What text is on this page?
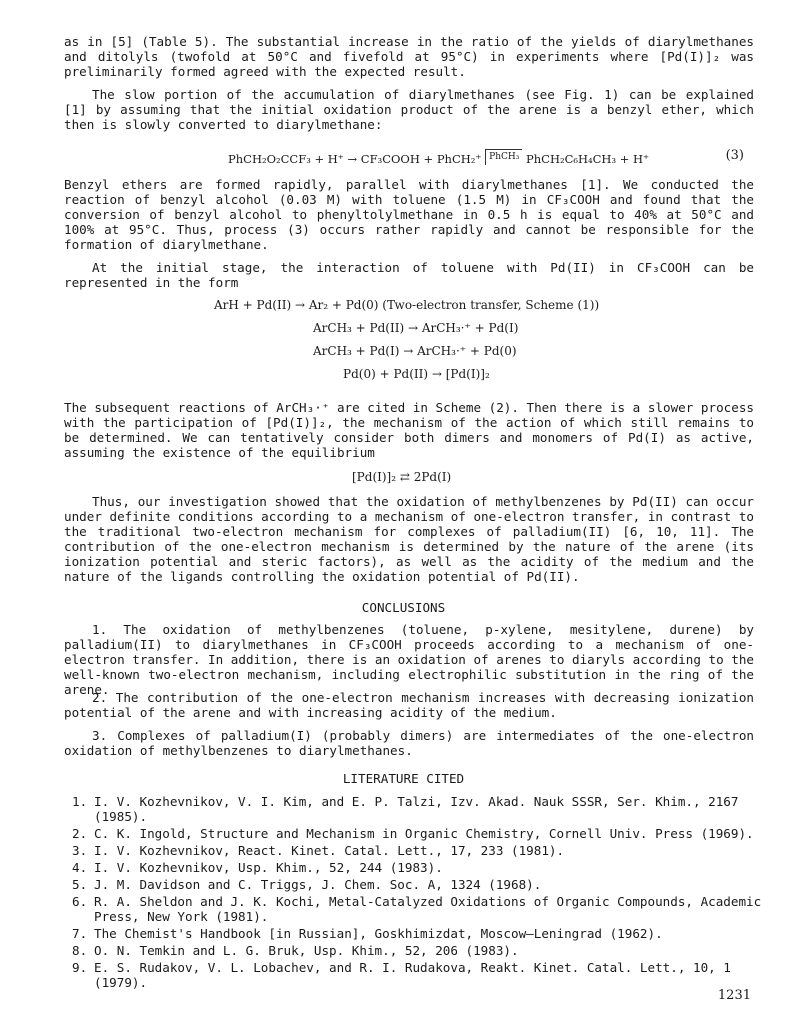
as in [5] (Table 5). The substantial increase in the ratio of the yields of diarylmethanes and ditolyls (twofold at 50°C and fivefold at 95°C) in experiments where [Pd(I)]₂ was preliminarily formed agreed with the expected result.

The slow portion of the accumulation of diarylmethanes (see Fig. 1) can be explained [1] by assuming that the initial oxidation product of the arene is a benzyl ether, which then is slowly converted to diarylmethane:

PhCH₂O₂CCF₃ + H⁺ → CF₃COOH + PhCH₂⁺ PhCH₃ PhCH₂C₆H₄CH₃ + H⁺	(3)

Benzyl ethers are formed rapidly, parallel with diarylmethanes [1]. We conducted the reaction of benzyl alcohol (0.03 M) with toluene (1.5 M) in CF₃COOH and found that the conversion of benzyl alcohol to phenyltolylmethane in 0.5 h is equal to 40% at 50°C and 100% at 95°C. Thus, process (3) occurs rather rapidly and cannot be responsible for the formation of diarylmethane.

At the initial stage, the interaction of toluene with Pd(II) in CF₃COOH can be represented in the form

ArH + Pd(II) → Ar₂ + Pd(0) (Two-electron transfer, Scheme (1))
ArCH₃ + Pd(II) → ArCH₃·⁺ + Pd(I)
ArCH₃ + Pd(I) → ArCH₃·⁺ + Pd(0)
Pd(0) + Pd(II) → [Pd(I)]₂

The subsequent reactions of ArCH₃·⁺ are cited in Scheme (2). Then there is a slower process with the participation of [Pd(I)]₂, the mechanism of the action of which still remains to be determined. We can tentatively consider both dimers and monomers of Pd(I) as active, assuming the existence of the equilibrium

[Pd(I)]₂ ⇄ 2Pd(I)

Thus, our investigation showed that the oxidation of methylbenzenes by Pd(II) can occur under definite conditions according to a mechanism of one-electron transfer, in contrast to the traditional two-electron mechanism for complexes of palladium(II) [6, 10, 11]. The contribution of the one-electron mechanism is determined by the nature of the arene (its ionization potential and steric factors), as well as the acidity of the medium and the nature of the ligands controlling the oxidation potential of Pd(II).

CONCLUSIONS

1. The oxidation of methylbenzenes (toluene, p-xylene, mesitylene, durene) by palladium(II) to diarylmethanes in CF₃COOH proceeds according to a mechanism of one-electron transfer. In addition, there is an oxidation of arenes to diaryls according to the well-known two-electron mechanism, including electrophilic substitution in the ring of the arene.

2. The contribution of the one-electron mechanism increases with decreasing ionization potential of the arene and with increasing acidity of the medium.

3. Complexes of palladium(I) (probably dimers) are intermediates of the one-electron oxidation of methylbenzenes to diarylmethanes.

LITERATURE CITED
1. I. V. Kozhevnikov, V. I. Kim, and E. P. Talzi, Izv. Akad. Nauk SSSR, Ser. Khim., 2167 (1985).
2. C. K. Ingold, Structure and Mechanism in Organic Chemistry, Cornell Univ. Press (1969).
3. I. V. Kozhevnikov, React. Kinet. Catal. Lett., 17, 233 (1981).
4. I. V. Kozhevnikov, Usp. Khim., 52, 244 (1983).
5. J. M. Davidson and C. Triggs, J. Chem. Soc. A, 1324 (1968).
6. R. A. Sheldon and J. K. Kochi, Metal-Catalyzed Oxidations of Organic Compounds, Academic Press, New York (1981).
7. The Chemist's Handbook [in Russian], Goskhimizdat, Moscow–Leningrad (1962).
8. O. N. Temkin and L. G. Bruk, Usp. Khim., 52, 206 (1983).
9. E. S. Rudakov, V. L. Lobachev, and R. I. Rudakova, Reakt. Kinet. Catal. Lett., 10, 1 (1979).
1231
